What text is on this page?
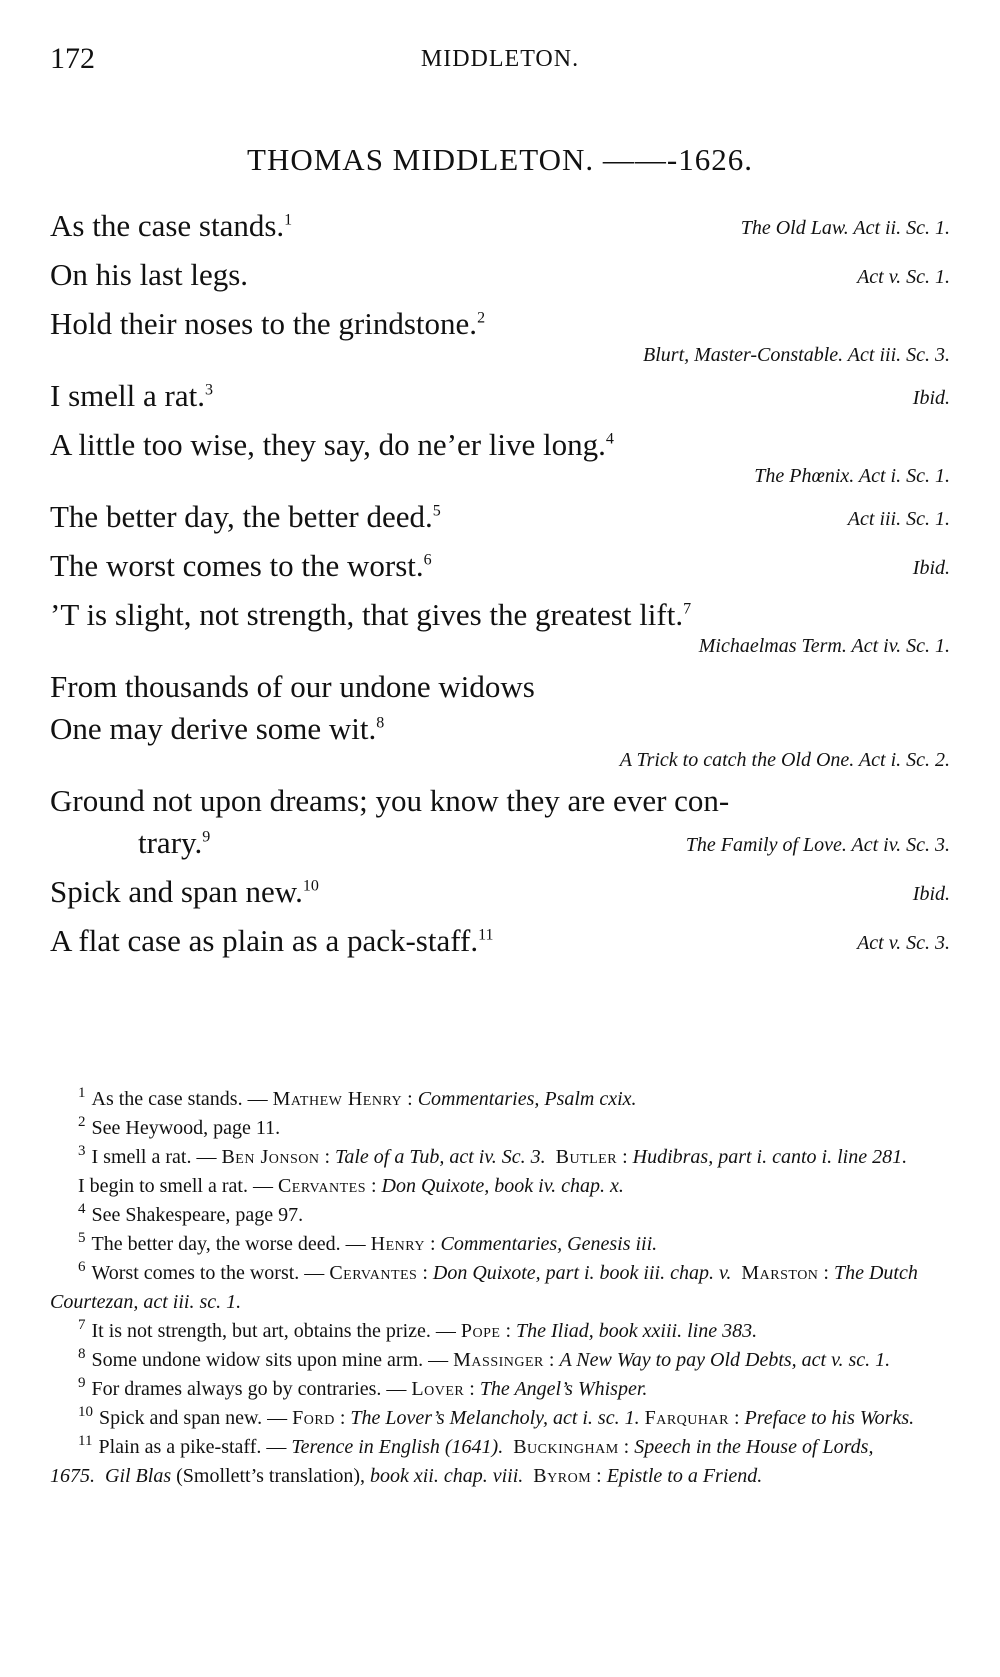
172	MIDDLETON.
THOMAS MIDDLETON. ——-1626.
As the case stands.$^1$	The Old Law. Act ii. Sc. 1.
On his last legs.	Act v. Sc. 1.
Hold their noses to the grindstone.$^2$
Blurt, Master-Constable. Act iii. Sc. 3.
I smell a rat.$^3$	Ibid.
A little too wise, they say, do ne’er live long.$^4$
The Phœnix. Act i. Sc. 1.
The better day, the better deed.$^5$	Act iii. Sc. 1.
The worst comes to the worst.$^6$	Ibid.
’T is slight, not strength, that gives the greatest lift.$^7$
Michaelmas Term. Act iv. Sc. 1.
From thousands of our undone widows
One may derive some wit.$^8$
A Trick to catch the Old One. Act i. Sc. 2.
Ground not upon dreams; you know they are ever con-
trary.$^9$	The Family of Love. Act iv. Sc. 3.
Spick and span new.$^{10}$	Ibid.
A flat case as plain as a pack-staff.$^{11}$	Act v. Sc. 3.

$^1$ As the case stands. — Mathew Henry : Commentaries, Psalm cxix.

$^2$ See Heywood, page 11.

$^3$ I smell a rat. — Ben Jonson : Tale of a Tub, act iv. Sc. 3. Butler : Hudibras, part i. canto i. line 281.

I begin to smell a rat. — Cervantes : Don Quixote, book iv. chap. x.

$^4$ See Shakespeare, page 97.

$^5$ The better day, the worse deed. — Henry : Commentaries, Genesis iii.

$^6$ Worst comes to the worst. — Cervantes : Don Quixote, part i. book iii. chap. v. Marston : The Dutch Courtezan, act iii. sc. 1.

$^7$ It is not strength, but art, obtains the prize. — Pope : The Iliad, book xxiii. line 383.

$^8$ Some undone widow sits upon mine arm. — Massinger : A New Way to pay Old Debts, act v. sc. 1.

$^9$ For drames always go by contraries. — Lover : The Angel’s Whisper.

$^{10}$ Spick and span new. — Ford : The Lover’s Melancholy, act i. sc. 1. Farquhar : Preface to his Works.

$^{11}$ Plain as a pike-staff. — Terence in English (1641). Buckingham : Speech in the House of Lords, 1675. Gil Blas (Smollett’s translation), book xii. chap. viii. Byrom : Epistle to a Friend.
